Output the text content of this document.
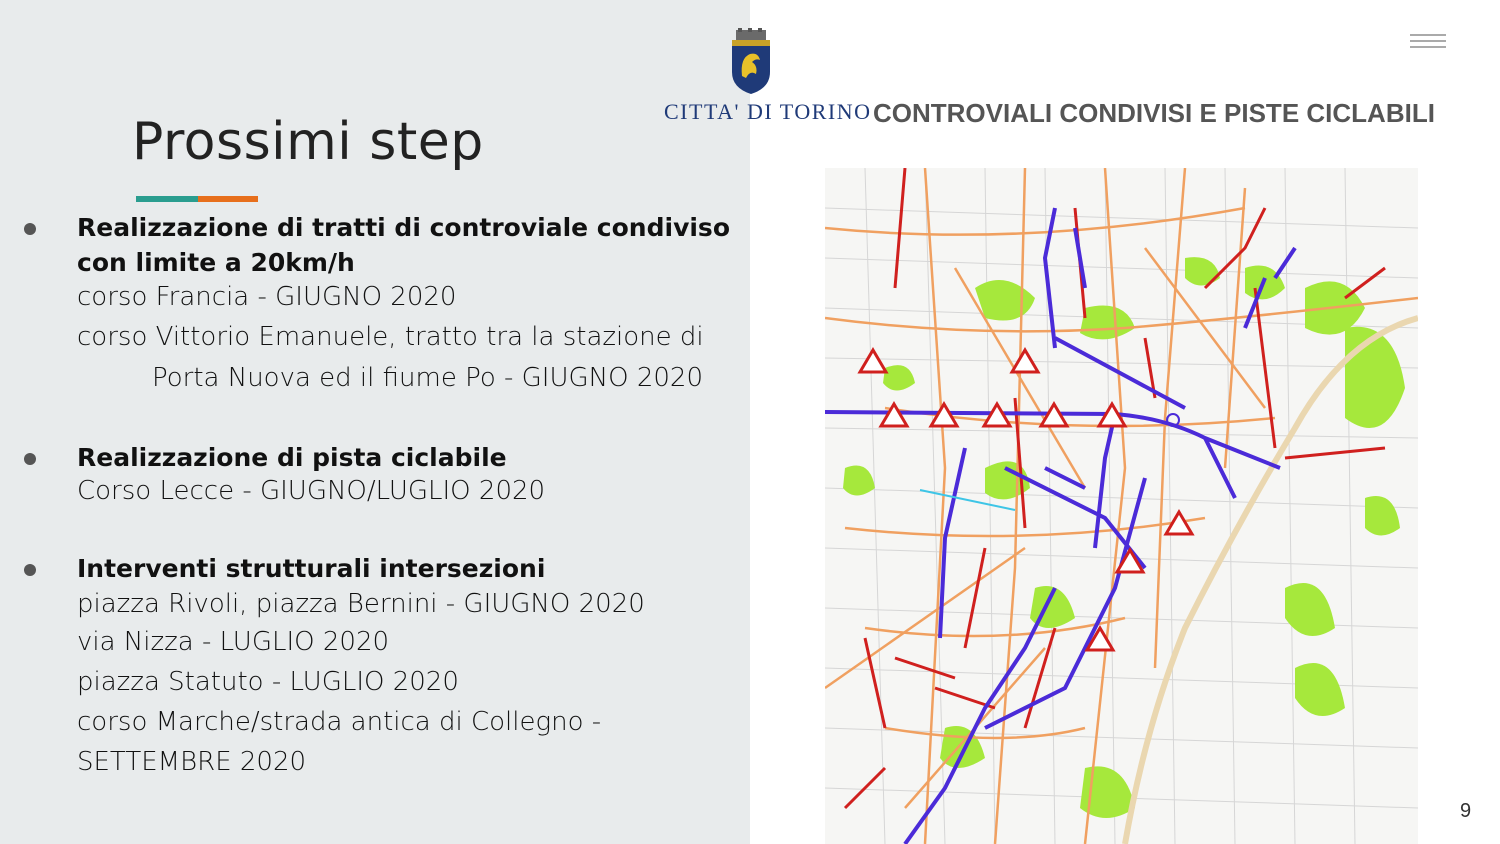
Prossimi step
Realizzazione di tratti di controviale condiviso con limite a 20km/h
corso Francia - GIUGNO 2020
corso Vittorio Emanuele, tratto tra la stazione di
Porta Nuova ed il fiume Po - GIUGNO 2020
Realizzazione di pista ciclabile
Corso Lecce - GIUGNO/LUGLIO 2020
Interventi strutturali intersezioni
piazza Rivoli, piazza Bernini - GIUGNO 2020
via Nizza - LUGLIO 2020
piazza Statuto - LUGLIO 2020
corso Marche/strada antica di Collegno -
SETTEMBRE 2020
CITTA' DI TORINO CONTROVIALI CONDIVISI E PISTE CICLABILI
9
